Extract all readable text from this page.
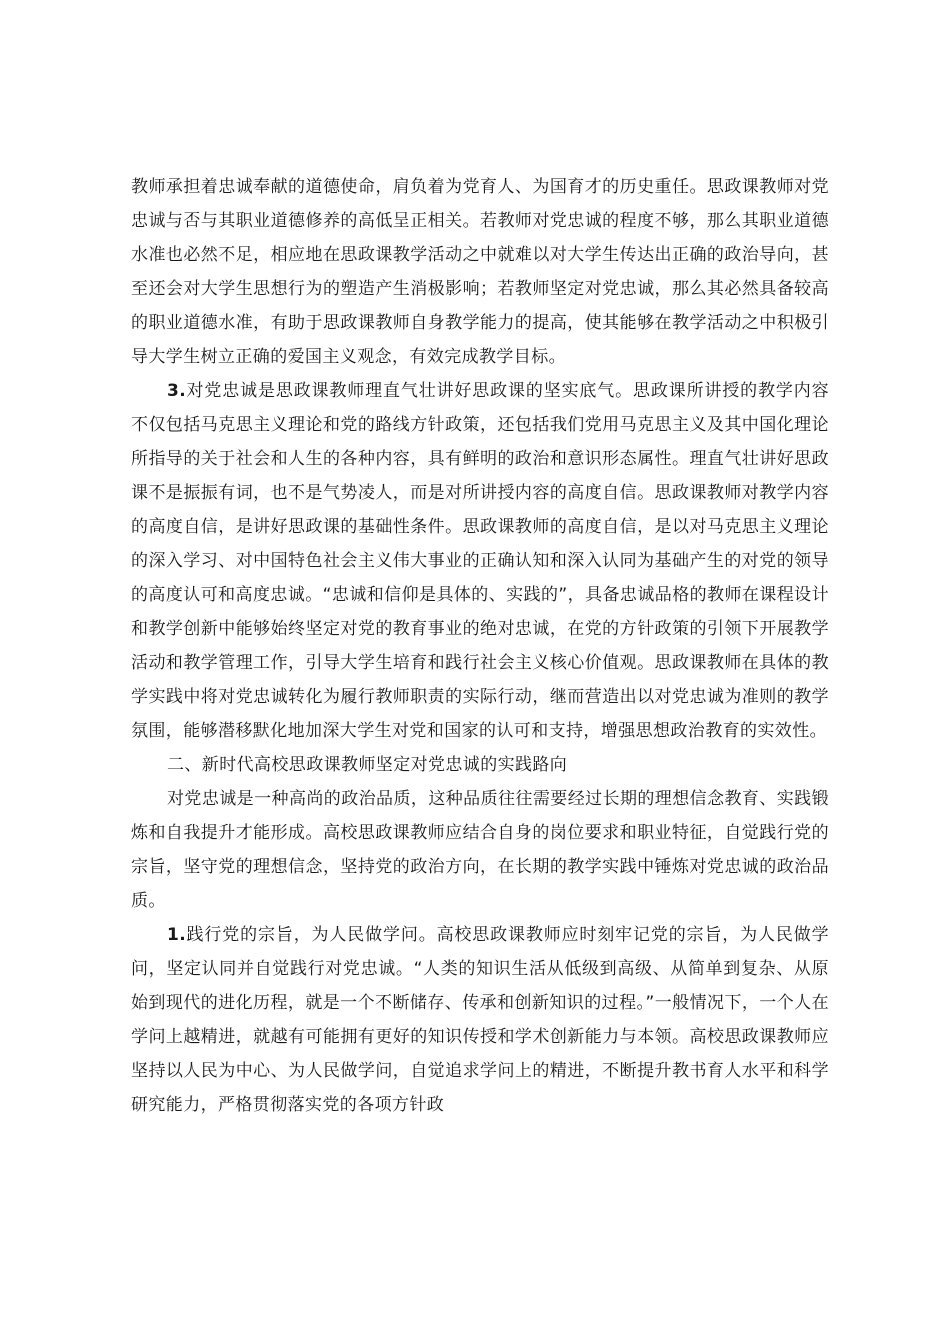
教师承担着忠诚奉献的道德使命，肩负着为党育人、为国育才的历史重任。思政课教师对党忠诚与否与其职业道德修养的高低呈正相关。若教师对党忠诚的程度不够，那么其职业道德水准也必然不足，相应地在思政课教学活动之中就难以对大学生传达出正确的政治导向，甚至还会对大学生思想行为的塑造产生消极影响；若教师坚定对党忠诚，那么其必然具备较高的职业道德水准，有助于思政课教师自身教学能力的提高，使其能够在教学活动之中积极引导大学生树立正确的爱国主义观念，有效完成教学目标。

3.对党忠诚是思政课教师理直气壮讲好思政课的坚实底气。思政课所讲授的教学内容不仅包括马克思主义理论和党的路线方针政策，还包括我们党用马克思主义及其中国化理论所指导的关于社会和人生的各种内容，具有鲜明的政治和意识形态属性。理直气壮讲好思政课不是振振有词，也不是气势凌人，而是对所讲授内容的高度自信。思政课教师对教学内容的高度自信，是讲好思政课的基础性条件。思政课教师的高度自信，是以对马克思主义理论的深入学习、对中国特色社会主义伟大事业的正确认知和深入认同为基础产生的对党的领导的高度认可和高度忠诚。“忠诚和信仰是具体的、实践的”，具备忠诚品格的教师在课程设计和教学创新中能够始终坚定对党的教育事业的绝对忠诚，在党的方针政策的引领下开展教学活动和教学管理工作，引导大学生培育和践行社会主义核心价值观。思政课教师在具体的教学实践中将对党忠诚转化为履行教师职责的实际行动，继而营造出以对党忠诚为准则的教学氛围，能够潜移默化地加深大学生对党和国家的认可和支持，增强思想政治教育的实效性。

二、新时代高校思政课教师坚定对党忠诚的实践路向

对党忠诚是一种高尚的政治品质，这种品质往往需要经过长期的理想信念教育、实践锻炼和自我提升才能形成。高校思政课教师应结合自身的岗位要求和职业特征，自觉践行党的宗旨，坚守党的理想信念，坚持党的政治方向，在长期的教学实践中锤炼对党忠诚的政治品质。

1.践行党的宗旨，为人民做学问。高校思政课教师应时刻牢记党的宗旨，为人民做学问，坚定认同并自觉践行对党忠诚。“人类的知识生活从低级到高级、从简单到复杂、从原始到现代的进化历程，就是一个不断储存、传承和创新知识的过程。”一般情况下，一个人在学问上越精进，就越有可能拥有更好的知识传授和学术创新能力与本领。高校思政课教师应坚持以人民为中心、为人民做学问，自觉追求学问上的精进，不断提升教书育人水平和科学研究能力，严格贯彻落实党的各项方针政
